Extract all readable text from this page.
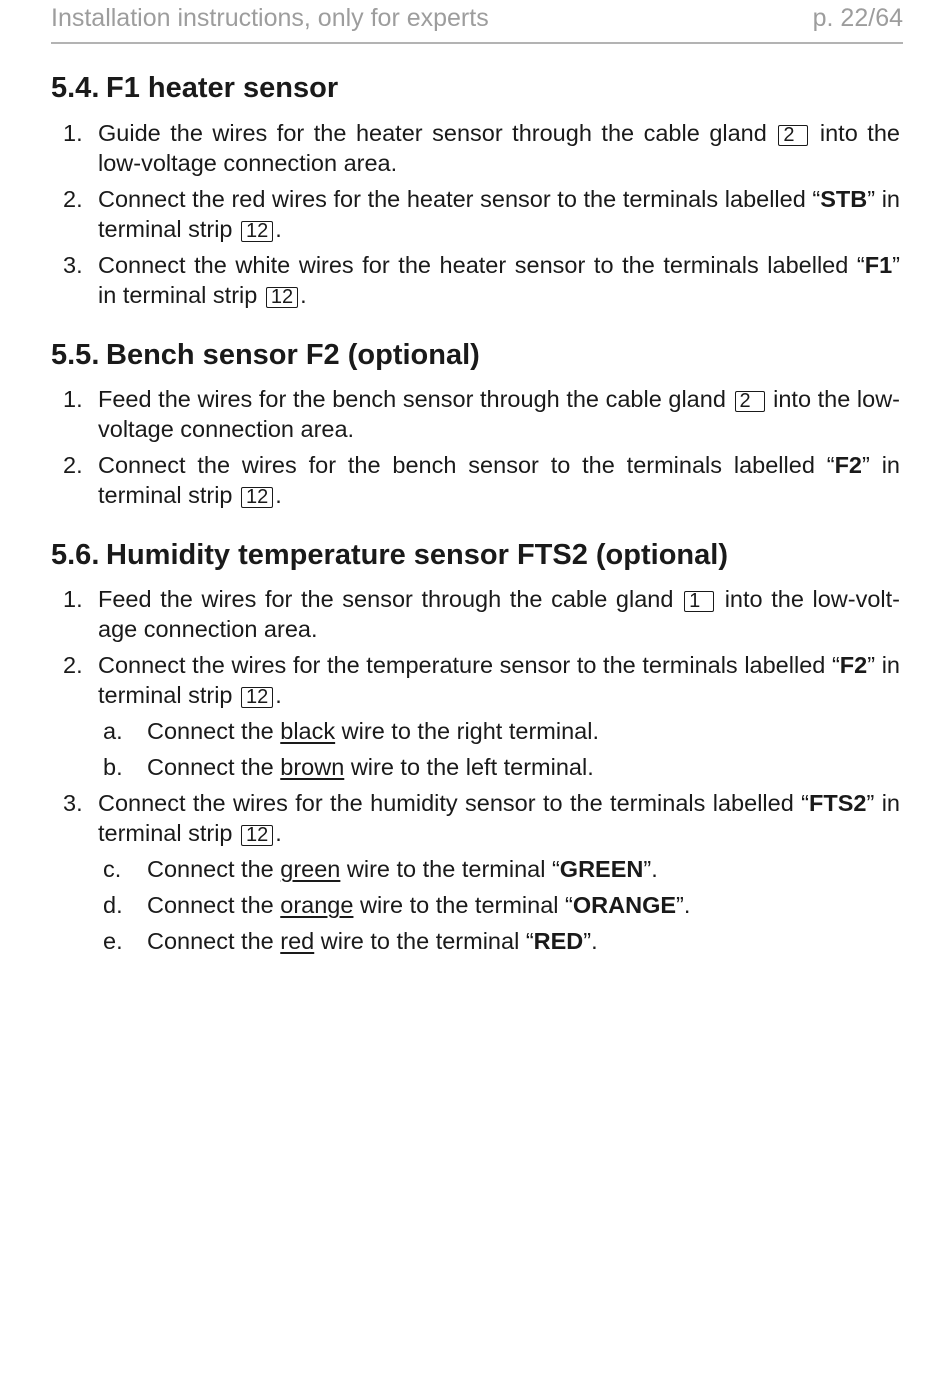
Installation instructions, only for experts	p. 22/64
5.4. F1 heater sensor
1. Guide the wires for the heater sensor through the cable gland 2 into the low-voltage connection area.
2. Connect the red wires for the heater sensor to the terminals labelled “STB” in terminal strip 12 .
3. Connect the white wires for the heater sensor to the terminals labelled “F1” in terminal strip 12 .
5.5. Bench sensor F2 (optional)
1. Feed the wires for the bench sensor through the cable gland 2 into the low-voltage connection area.
2. Connect the wires for the bench sensor to the terminals labelled “F2” in terminal strip 12 .
5.6. Humidity temperature sensor FTS2 (optional)
1. Feed the wires for the sensor through the cable gland 1 into the low-volt-age connection area.
2. Connect the wires for the temperature sensor to the terminals labelled “F2” in terminal strip 12 .
a. Connect the black wire to the right terminal.
b. Connect the brown wire to the left terminal.
3. Connect the wires for the humidity sensor to the terminals labelled “FTS2” in terminal strip 12 .
c. Connect the green wire to the terminal “GREEN”.
d. Connect the orange wire to the terminal “ORANGE”.
e. Connect the red wire to the terminal “RED”.
